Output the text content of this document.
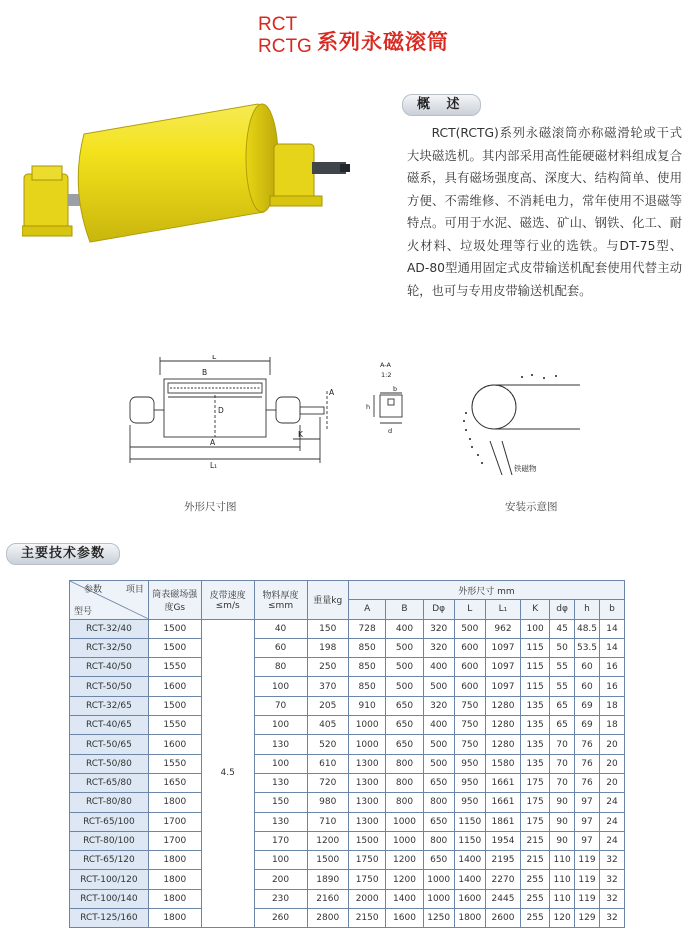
RCT
RCTG 系列永磁滚筒
概 述
RCT(RCTG)系列永磁滚筒亦称磁滑轮或干式大块磁选机。其内部采用高性能硬磁材料组成复合磁系，具有磁场强度高、深度大、结构简单、使用方便、不需维修、不消耗电力，常年使用不退磁等特点。可用于水泥、磁选、矿山、钢铁、化工、耐火材料、垃圾处理等行业的选铁。与DT-75型、AD-80型通用固定式皮带输送机配套使用代替主动轮，也可与专用皮带输送机配套。
L
B
D
A
L₁
K
A
A-A
1:2
b
h
d
铁磁物
外形尺寸图	安装示意图
主要技术参数
参数 项目
型号	筒表磁场强度Gs	皮带速度≤m/s	物料厚度≤mm	重量kg	外形尺寸 mm								
					A	B	Dφ	L	L₁	K	dφ	h	b
RCT-32/40	1500	4.5	40	150	728	400	320	500	962	100	45	48.5	14
RCT-32/50	1500		60	198	850	500	320	600	1097	115	50	53.5	14
RCT-40/50	1550		80	250	850	500	400	600	1097	115	55	60	16
RCT-50/50	1600		100	370	850	500	500	600	1097	115	55	60	16
RCT-32/65	1500		70	205	910	650	320	750	1280	135	65	69	18
RCT-40/65	1550		100	405	1000	650	400	750	1280	135	65	69	18
RCT-50/65	1600		130	520	1000	650	500	750	1280	135	70	76	20
RCT-50/80	1550		100	610	1300	800	500	950	1580	135	70	76	20
RCT-65/80	1650		130	720	1300	800	650	950	1661	175	70	76	20
RCT-80/80	1800		150	980	1300	800	800	950	1661	175	90	97	24
RCT-65/100	1700		130	710	1300	1000	650	1150	1861	175	90	97	24
RCT-80/100	1700		170	1200	1500	1000	800	1150	1954	215	90	97	24
RCT-65/120	1800		100	1500	1750	1200	650	1400	2195	215	110	119	32
RCT-100/120	1800		200	1890	1750	1200	1000	1400	2270	255	110	119	32
RCT-100/140	1800		230	2160	2000	1400	1000	1600	2445	255	110	119	32
RCT-125/160	1800		260	2800	2150	1600	1250	1800	2600	255	120	129	32
